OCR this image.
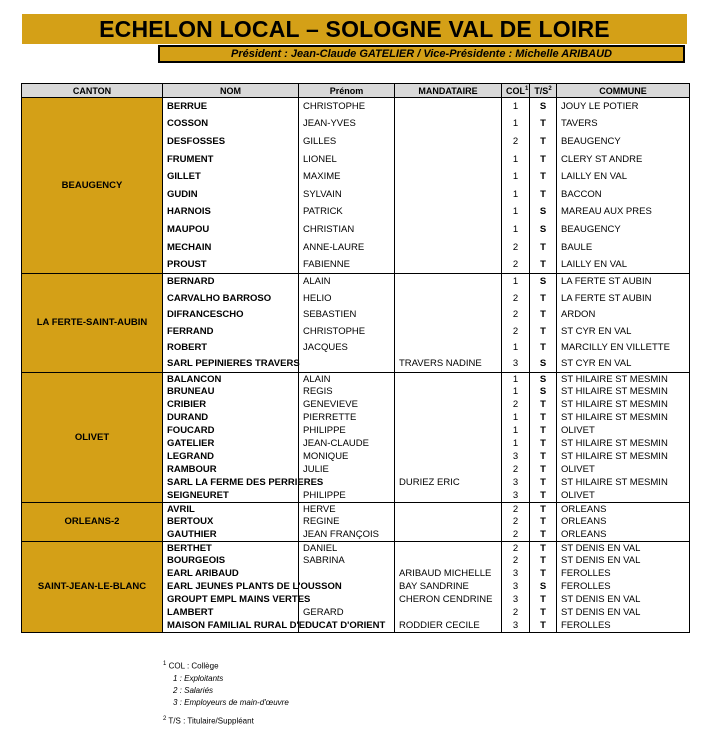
ECHELON LOCAL – SOLOGNE VAL DE LOIRE
Président : Jean-Claude GATELIER / Vice-Présidente : Michelle ARIBAUD
CANTON	NOM	Prénom	MANDATAIRE	COL$^1$	$T/S^2$	COMMUNE
BEAUGENCY	BERRUE	CHRISTOPHE		1	S	JOUY LE POTIER
	COSSON	JEAN-YVES		1	T	TAVERS
	DESFOSSES	GILLES		2	T	BEAUGENCY
	FRUMENT	LIONEL		1	T	CLERY ST ANDRE
	GILLET	MAXIME		1	T	LAILLY EN VAL
	GUDIN	SYLVAIN		1	T	BACCON
	HARNOIS	PATRICK		1	S	MAREAU AUX PRES
	MAUPOU	CHRISTIAN		1	S	BEAUGENCY
	MECHAIN	ANNE-LAURE		2	T	BAULE
	PROUST	FABIENNE		2	T	LAILLY EN VAL
LA FERTE-SAINT-AUBIN	BERNARD	ALAIN		1	S	LA FERTE ST AUBIN
	CARVALHO BARROSO	HELIO		2	T	LA FERTE ST AUBIN
	DIFRANCESCHO	SEBASTIEN		2	T	ARDON
	FERRAND	CHRISTOPHE		2	T	ST CYR EN VAL
	ROBERT	JACQUES		1	T	MARCILLY EN VILLETTE
	SARL PEPINIERES TRAVERS		TRAVERS NADINE	3	S	ST CYR EN VAL
OLIVET	BALANCON	ALAIN		1	S	ST HILAIRE ST MESMIN
	BRUNEAU	REGIS		1	S	ST HILAIRE ST MESMIN
	CRIBIER	GENEVIEVE		2	T	ST HILAIRE ST MESMIN
	DURAND	PIERRETTE		1	T	ST HILAIRE ST MESMIN
	FOUCARD	PHILIPPE		1	T	OLIVET
	GATELIER	JEAN-CLAUDE		1	T	ST HILAIRE ST MESMIN
	LEGRAND	MONIQUE		3	T	ST HILAIRE ST MESMIN
	RAMBOUR	JULIE		2	T	OLIVET
	SARL LA FERME DES PERRIERES		DURIEZ ERIC	3	T	ST HILAIRE ST MESMIN
	SEIGNEURET	PHILIPPE		3	T	OLIVET
ORLEANS-2	AVRIL	HERVE		2	T	ORLEANS
	BERTOUX	REGINE		2	T	ORLEANS
	GAUTHIER	JEAN FRANÇOIS		2	T	ORLEANS
SAINT-JEAN-LE-BLANC	BERTHET	DANIEL		2	T	ST DENIS EN VAL
	BOURGEOIS	SABRINA		2	T	ST DENIS EN VAL
	EARL ARIBAUD		ARIBAUD MICHELLE	3	T	FEROLLES
	EARL JEUNES PLANTS DE L'OUSSON		BAY SANDRINE	3	S	FEROLLES
	GROUPT EMPL MAINS VERTES		CHERON CENDRINE	3	T	ST DENIS EN VAL
	LAMBERT	GERARD		2	T	ST DENIS EN VAL
	MAISON FAMILIAL RURAL D'EDUCAT D'ORIENT		RODDIER CECILE	3	T	FEROLLES
$^1$ COL : Collège
1 : Exploitants
2 : Salariés
3 : Employeurs de main-d'œuvre
$^2$ T/S : Titulaire/Suppléant
